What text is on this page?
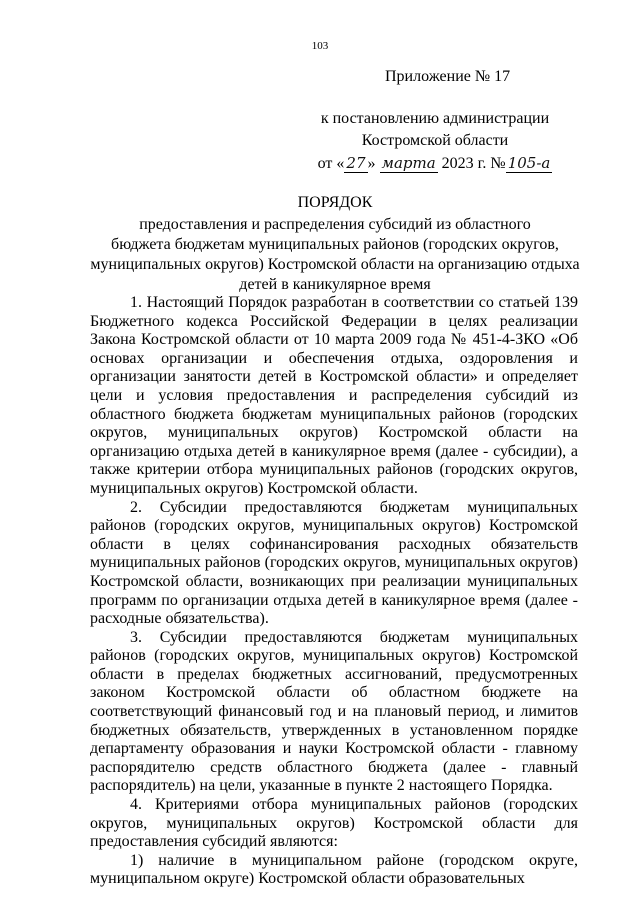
103
Приложение № 17
к постановлению администрации
Костромской области
от « 27 » марта 2023 г. № 105-а
ПОРЯДОК
предоставления и распределения субсидий из областного
бюджета бюджетам муниципальных районов (городских округов,
муниципальных округов) Костромской области на организацию отдыха
детей в каникулярное время

1. Настоящий Порядок разработан в соответствии со статьей 139 Бюджетного кодекса Российской Федерации в целях реализации Закона Костромской области от 10 марта 2009 года № 451-4-ЗКО «Об основах организации и обеспечения отдыха, оздоровления и организации занятости детей в Костромской области» и определяет цели и условия предоставления и распределения субсидий из областного бюджета бюджетам муниципальных районов (городских округов, муниципальных округов) Костромской области на организацию отдыха детей в каникулярное время (далее - субсидии), а также критерии отбора муниципальных районов (городских округов, муниципальных округов) Костромской области.

2. Субсидии предоставляются бюджетам муниципальных районов (городских округов, муниципальных округов) Костромской области в целях софинансирования расходных обязательств муниципальных районов (городских округов, муниципальных округов) Костромской области, возникающих при реализации муниципальных программ по организации отдыха детей в каникулярное время (далее - расходные обязательства).

3. Субсидии предоставляются бюджетам муниципальных районов (городских округов, муниципальных округов) Костромской области в пределах бюджетных ассигнований, предусмотренных законом Костромской области об областном бюджете на соответствующий финансовый год и на плановый период, и лимитов бюджетных обязательств, утвержденных в установленном порядке департаменту образования и науки Костромской области - главному распорядителю средств областного бюджета (далее - главный распорядитель) на цели, указанные в пункте 2 настоящего Порядка.

4. Критериями отбора муниципальных районов (городских округов, муниципальных округов) Костромской области для предоставления субсидий являются:

1) наличие в муниципальном районе (городском округе, муниципальном округе) Костромской области образовательных
